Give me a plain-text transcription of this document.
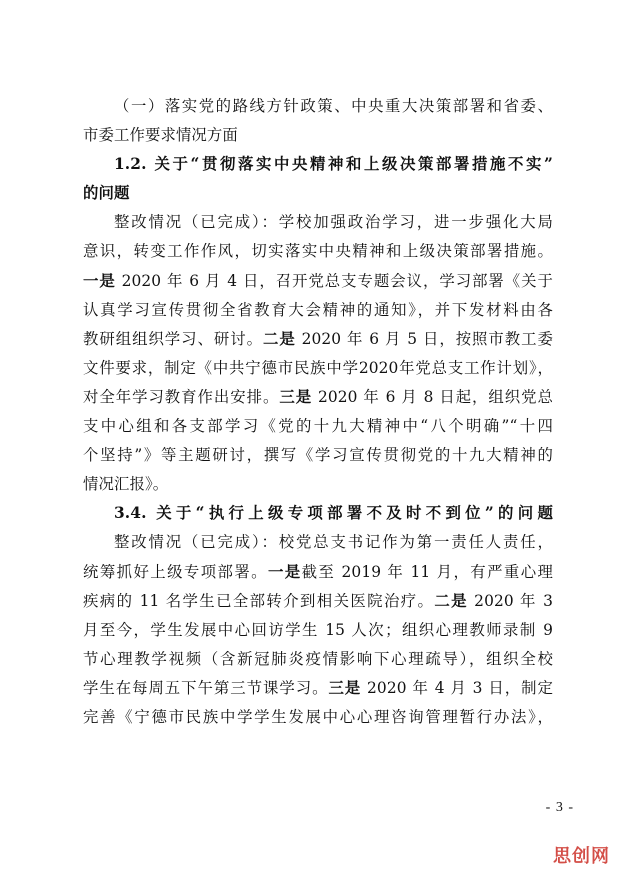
（一）落实党的路线方针政策、中央重大决策部署和省委、
市委工作要求情况方面
1.2. 关于“贯彻落实中央精神和上级决策部署措施不实”
的问题
整改情况（已完成）：学校加强政治学习，进一步强化大局
意识，转变工作作风，切实落实中央精神和上级决策部署措施。
一是 2020 年 6 月 4 日，召开党总支专题会议，学习部署《关于
认真学习宣传贯彻全省教育大会精神的通知》，并下发材料由各
教研组组织学习、研讨。二是 2020 年 6 月 5 日，按照市教工委
文件要求，制定《中共宁德市民族中学2020年党总支工作计划》，
对全年学习教育作出安排。三是 2020 年 6 月 8 日起，组织党总
支中心组和各支部学习《党的十九大精神中“八个明确”“十四
个坚持”》等主题研讨，撰写《学习宣传贯彻党的十九大精神的
情况汇报》。
3.4. 关于“执行上级专项部署不及时不到位”的问题
整改情况（已完成）：校党总支书记作为第一责任人责任，
统筹抓好上级专项部署。一是截至 2019 年 11 月，有严重心理
疾病的 11 名学生已全部转介到相关医院治疗。二是 2020 年 3
月至今，学生发展中心回访学生 15 人次；组织心理教师录制 9
节心理教学视频（含新冠肺炎疫情影响下心理疏导），组织全校
学生在每周五下午第三节课学习。三是 2020 年 4 月 3 日，制定
完善《宁德市民族中学学生发展中心心理咨询管理暂行办法》，
- 3 -
思创网
